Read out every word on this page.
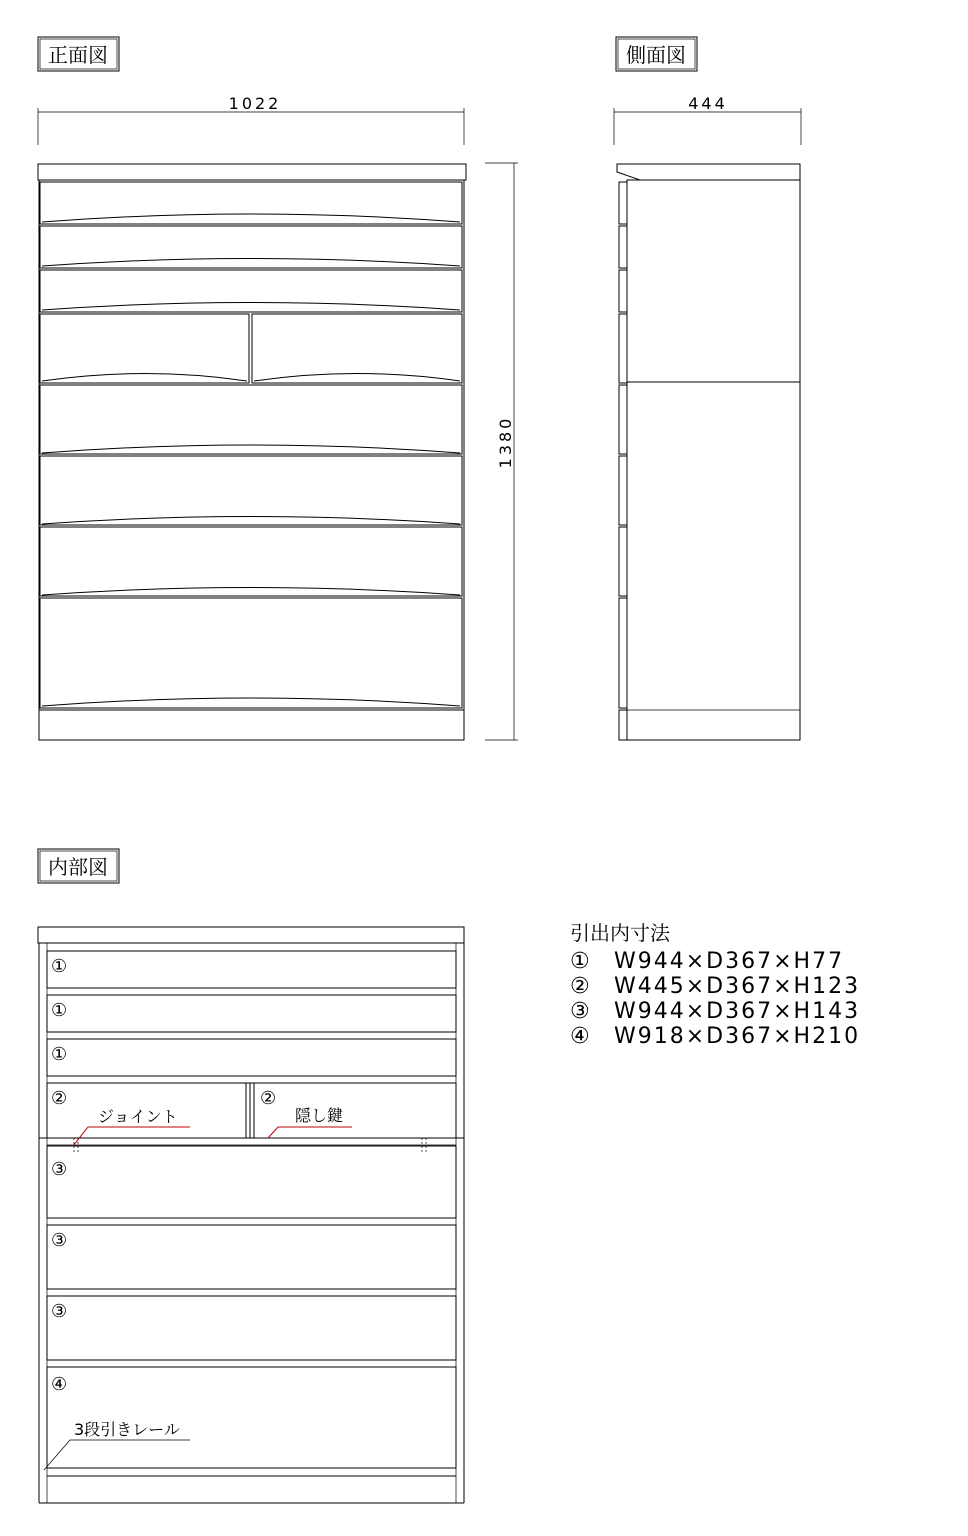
正面図
1022
1380
側面図
444
内部図
①
①
①
②	②
③
③
③
④
ジョイント	隠し鍵
3段引きレール
引出内寸法
① W944×D367×H77
② W445×D367×H123
③ W944×D367×H143
④ W918×D367×H210
